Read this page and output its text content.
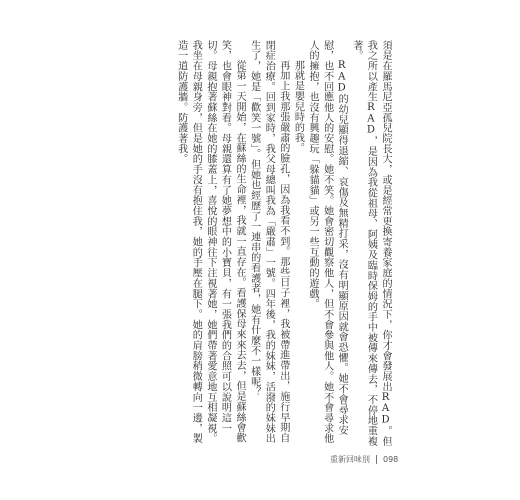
須是在羅馬尼亞孤兒院長大，或是經常更換寄養家庭的情況下，你才會發展出RAD。但我之所以產生RAD，是因為我從祖母、阿姨及臨時保姆的手中被傳來傳去，不停地重複著。

RAD的幼兒顯得退縮、哀傷及無精打采，沒有明顯原因就會恐懼。她不會尋求安慰，也不回應他人的安慰。她不笑。她會密切觀察他人，但不會參與他人。她不會尋求他人的擁抱，也沒有興趣玩「躲貓貓」或另一些互動的遊戲。

那就是嬰兒時的我。

再加上我那張嚴肅的臉孔，因為我看不到。那些日子裡，我被帶進帶出，施行早期自閉症治療。回到家時，我父母總叫我為「嚴肅」一號。四年後，我的妹妹，活潑的妹妹出生了，她是「歡笑一號」。但她也經歷了一連串的看護者，她有什麼不一樣呢？

從第一天開始，在蘇絲的生命裡，我就一直存在。看護保母來來去去，但是蘇絲會歡笑，也會眼神對看。母親還算有了她夢想中的小寶貝，有一張我們的合照可以說明這一切。母親抱著蘇絲在她的膝蓋上，喜悅的眼神往下注視著她，她們帶著愛意地互相凝視。我坐在母親身旁，但是她的手沒有抱住我，她的手壓在腿下。她的肩膀稍微轉向一邊，製造一道防護牆。防護著我。

重新回味別 098
